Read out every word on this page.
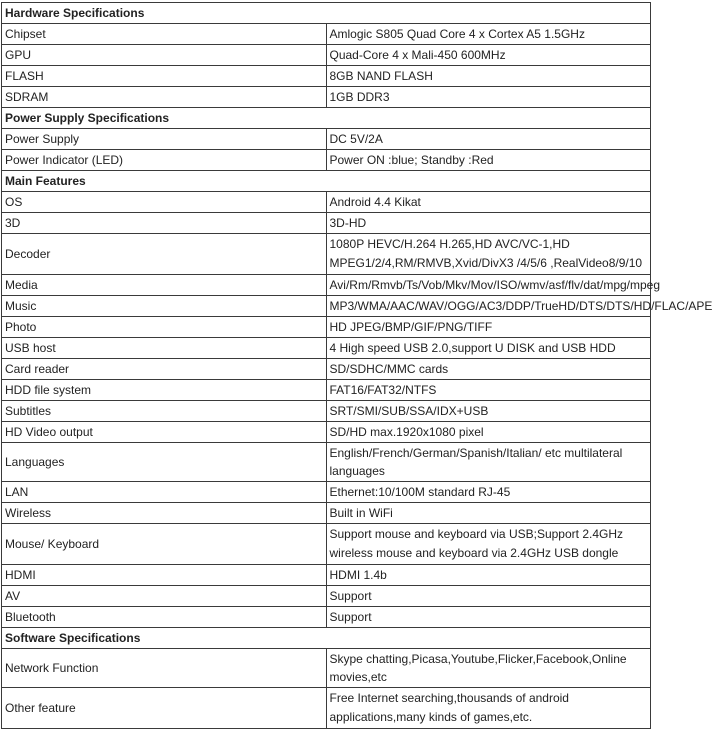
Hardware Specifications	
Chipset	Amlogic S805 Quad Core 4 x Cortex A5 1.5GHz
GPU	Quad-Core 4 x Mali-450 600MHz
FLASH	8GB NAND FLASH
SDRAM	1GB DDR3
Power Supply Specifications	
Power Supply	DC 5V/2A
Power Indicator (LED)	Power ON :blue; Standby :Red
Main Features	
OS	Android 4.4 Kikat
3D	3D-HD
Decoder	1080P HEVC/H.264 H.265,HD AVC/VC-1,HD MPEG1/2/4,RM/RMVB,Xvid/DivX3 /4/5/6 ,RealVideo8/9/10
Media	Avi/Rm/Rmvb/Ts/Vob/Mkv/Mov/ISO/wmv/asf/flv/dat/mpg/mpeg
Music	MP3/WMA/AAC/WAV/OGG/AC3/DDP/TrueHD/DTS/DTS/HD/FLAC/APE
Photo	HD JPEG/BMP/GIF/PNG/TIFF
USB host	4 High speed USB 2.0,support U DISK and USB HDD
Card reader	SD/SDHC/MMC cards
HDD file system	FAT16/FAT32/NTFS
Subtitles	SRT/SMI/SUB/SSA/IDX+USB
HD Video output	SD/HD max.1920x1080 pixel
Languages	English/French/German/Spanish/Italian/ etc multilateral languages
LAN	Ethernet:10/100M standard RJ-45
Wireless	Built in WiFi
Mouse/ Keyboard	Support mouse and keyboard via USB;Support 2.4GHz wireless mouse and keyboard via 2.4GHz USB dongle
HDMI	HDMI 1.4b
AV	Support
Bluetooth	Support
Software Specifications	
Network Function	Skype chatting,Picasa,Youtube,Flicker,Facebook,Online movies,etc
Other feature	Free Internet searching,thousands of android applications,many kinds of games,etc.
